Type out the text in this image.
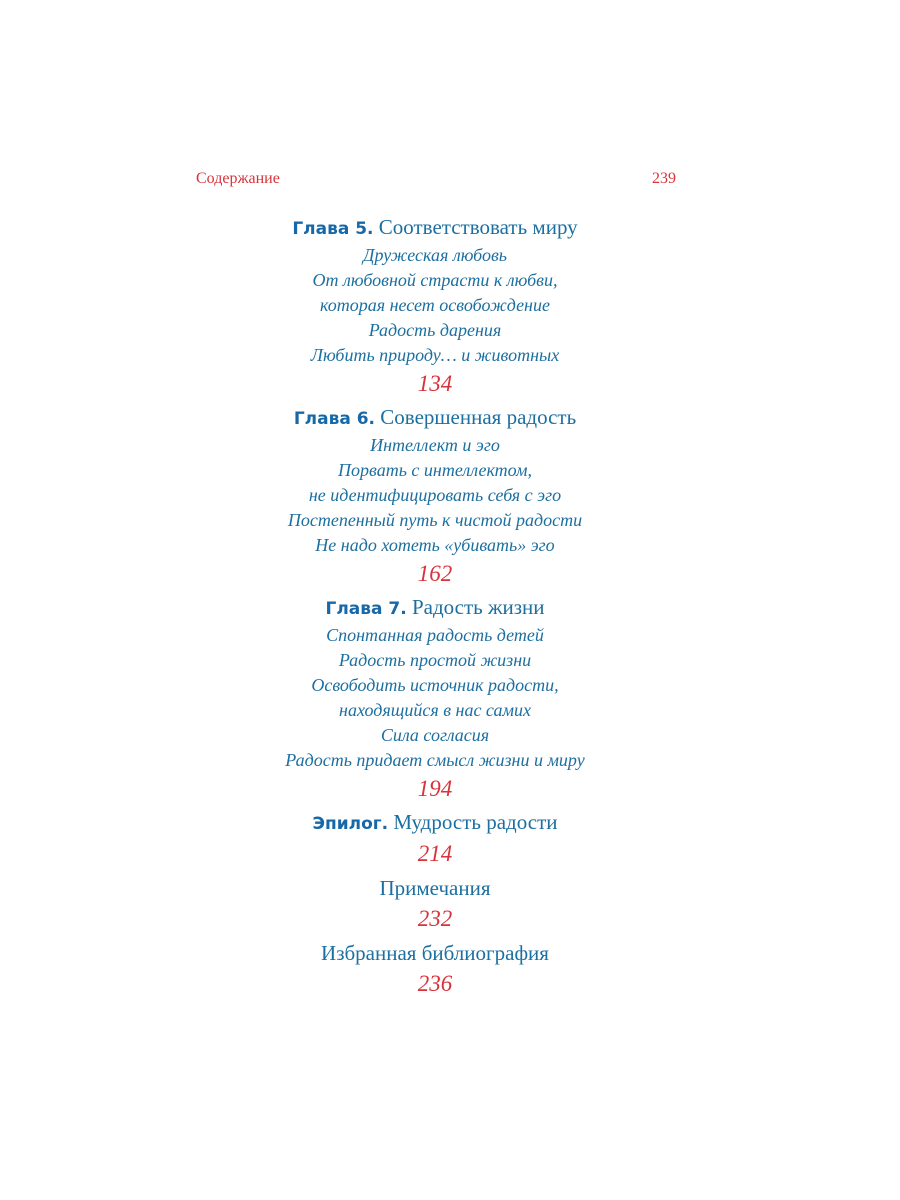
Содержание	239

Глава 5. Соответствовать миру

Дружеская любовь

От любовной страсти к любви,

которая несет освобождение

Радость дарения

Любить природу… и животных

134

Глава 6. Совершенная радость

Интеллект и эго

Порвать с интеллектом,

не идентифицировать себя с эго

Постепенный путь к чистой радости

Не надо хотеть «убивать» эго

162

Глава 7. Радость жизни

Спонтанная радость детей

Радость простой жизни

Освободить источник радости,

находящийся в нас самих

Сила согласия

Радость придает смысл жизни и миру

194

Эпилог. Мудрость радости

214

Примечания

232

Избранная библиография

236
